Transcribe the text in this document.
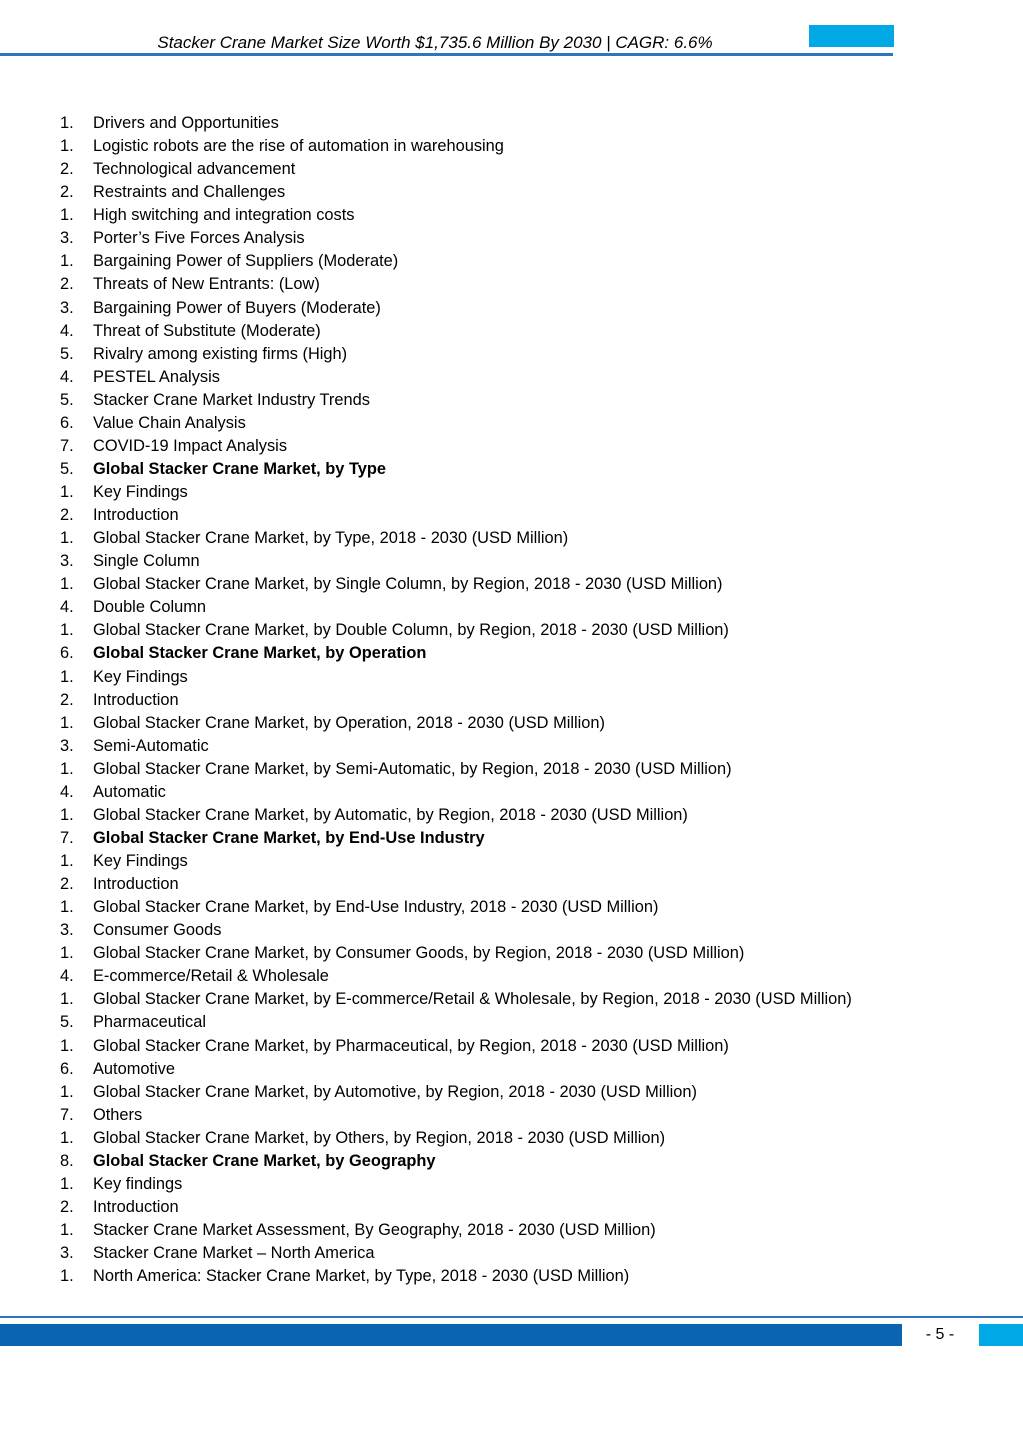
Stacker Crane Market Size Worth $1,735.6 Million By 2030 | CAGR: 6.6%
1. Drivers and Opportunities
1. Logistic robots are the rise of automation in warehousing
2. Technological advancement
2. Restraints and Challenges
1. High switching and integration costs
3. Porter’s Five Forces Analysis
1. Bargaining Power of Suppliers (Moderate)
2. Threats of New Entrants: (Low)
3. Bargaining Power of Buyers (Moderate)
4. Threat of Substitute (Moderate)
5. Rivalry among existing firms (High)
4. PESTEL Analysis
5. Stacker Crane Market Industry Trends
6. Value Chain Analysis
7. COVID-19 Impact Analysis
5. Global Stacker Crane Market, by Type
1. Key Findings
2. Introduction
1. Global Stacker Crane Market, by Type, 2018 - 2030 (USD Million)
3. Single Column
1. Global Stacker Crane Market, by Single Column, by Region, 2018 - 2030 (USD Million)
4. Double Column
1. Global Stacker Crane Market, by Double Column, by Region, 2018 - 2030 (USD Million)
6. Global Stacker Crane Market, by Operation
1. Key Findings
2. Introduction
1. Global Stacker Crane Market, by Operation, 2018 - 2030 (USD Million)
3. Semi-Automatic
1. Global Stacker Crane Market, by Semi-Automatic, by Region, 2018 - 2030 (USD Million)
4. Automatic
1. Global Stacker Crane Market, by Automatic, by Region, 2018 - 2030 (USD Million)
7. Global Stacker Crane Market, by End-Use Industry
1. Key Findings
2. Introduction
1. Global Stacker Crane Market, by End-Use Industry, 2018 - 2030 (USD Million)
3. Consumer Goods
1. Global Stacker Crane Market, by Consumer Goods, by Region, 2018 - 2030 (USD Million)
4. E-commerce/Retail & Wholesale
1. Global Stacker Crane Market, by E-commerce/Retail & Wholesale, by Region, 2018 - 2030 (USD Million)
5. Pharmaceutical
1. Global Stacker Crane Market, by Pharmaceutical, by Region, 2018 - 2030 (USD Million)
6. Automotive
1. Global Stacker Crane Market, by Automotive, by Region, 2018 - 2030 (USD Million)
7. Others
1. Global Stacker Crane Market, by Others, by Region, 2018 - 2030 (USD Million)
8. Global Stacker Crane Market, by Geography
1. Key findings
2. Introduction
1. Stacker Crane Market Assessment, By Geography, 2018 - 2030 (USD Million)
3. Stacker Crane Market – North America
1. North America: Stacker Crane Market, by Type, 2018 - 2030 (USD Million)
- 5 -
